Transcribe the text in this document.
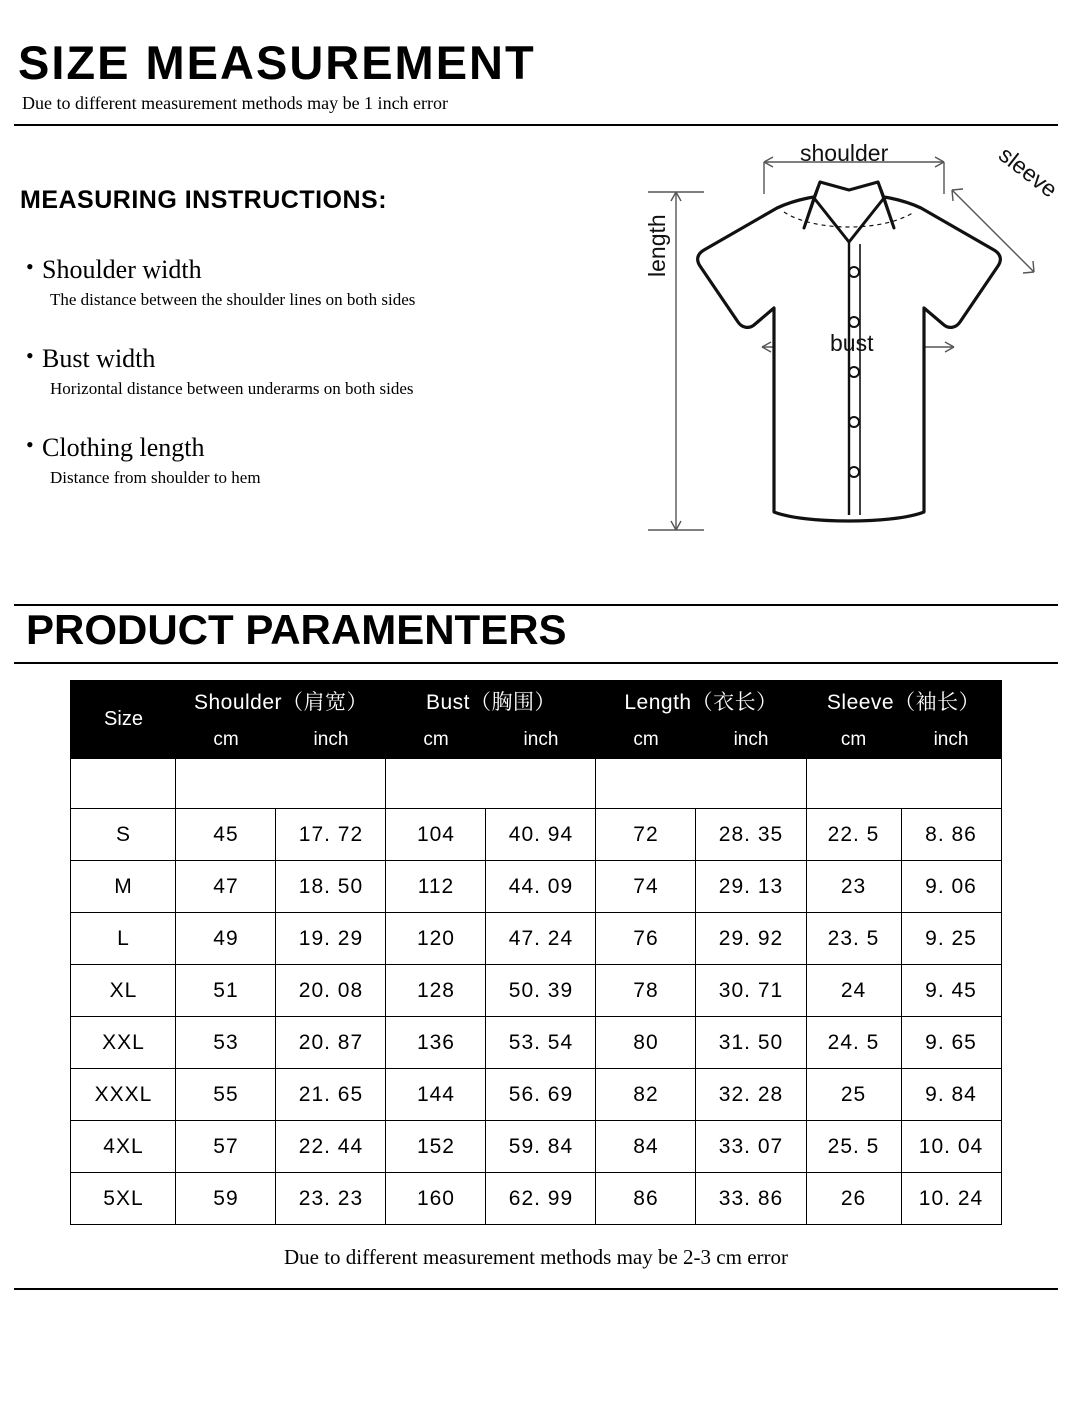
SIZE MEASUREMENT
Due to different measurement methods may be 1 inch error
MEASURING INSTRUCTIONS:
• Shoulder width
The distance between the shoulder lines on both sides
• Bust width
Horizontal distance between underarms on both sides
• Clothing length
Distance from shoulder to hem
shoulder	sleeve
bust
length
PRODUCT PARAMENTERS
Size	Shoulder（肩宽）		Bust（胸围）		Length（衣长）		Sleeve（袖长）	
	cm	inch	cm	inch	cm	inch	cm	inch

S	45	17. 72	104	40. 94	72	28. 35	22. 5	8. 86
M	47	18. 50	112	44. 09	74	29. 13	23	9. 06
L	49	19. 29	120	47. 24	76	29. 92	23. 5	9. 25
XL	51	20. 08	128	50. 39	78	30. 71	24	9. 45
XXL	53	20. 87	136	53. 54	80	31. 50	24. 5	9. 65
XXXL	55	21. 65	144	56. 69	82	32. 28	25	9. 84
4XL	57	22. 44	152	59. 84	84	33. 07	25. 5	10. 04
5XL	59	23. 23	160	62. 99	86	33. 86	26	10. 24
Due to different measurement methods may be 2-3 cm error
